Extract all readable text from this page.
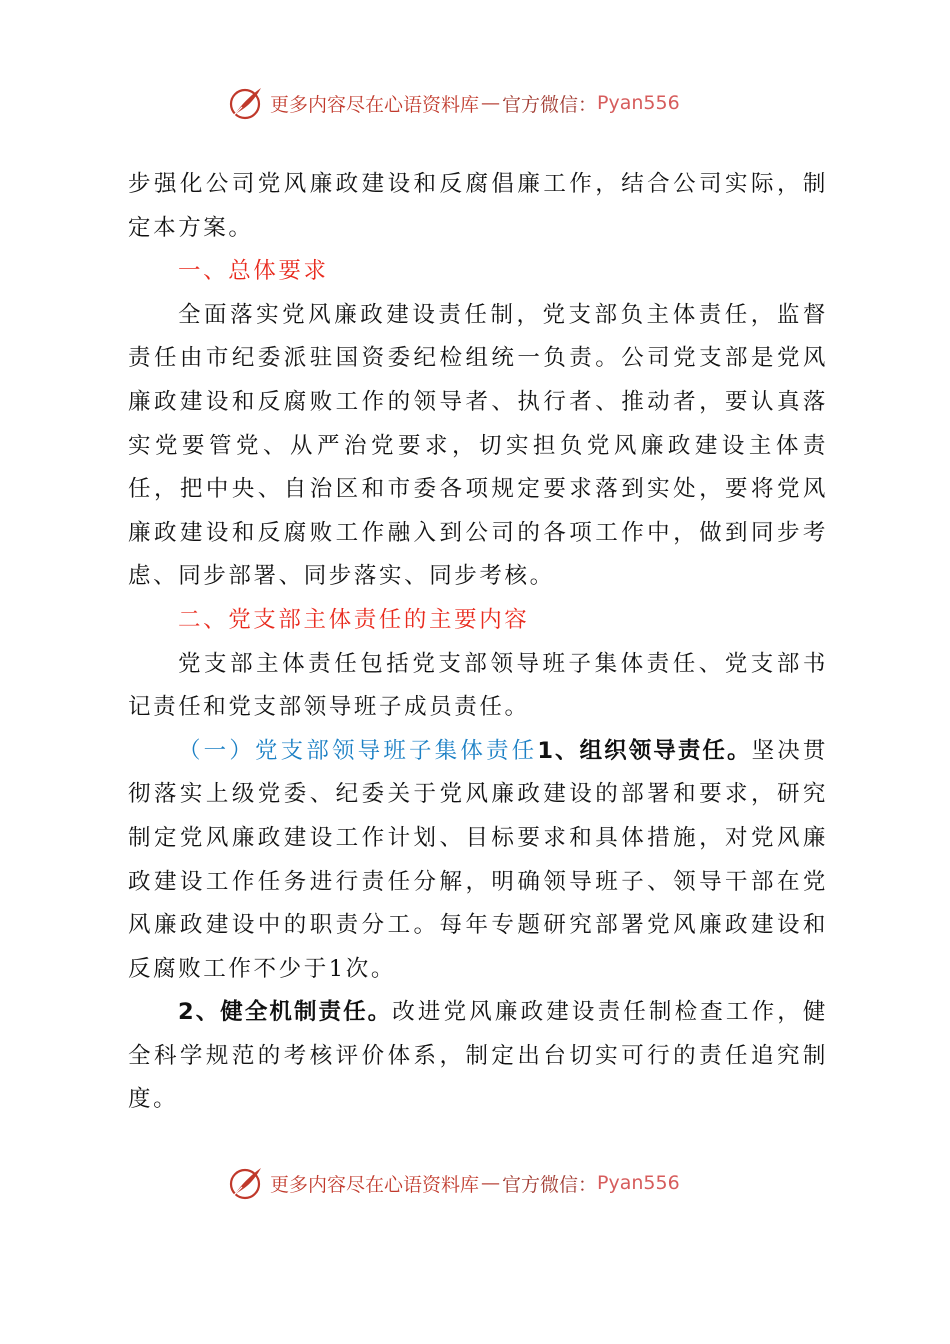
更多内容尽在心语资料库 — 官方微信： Pyan556

步强化公司党风廉政建设和反腐倡廉工作，结合公司实际，制定本方案。

一、总体要求

全面落实党风廉政建设责任制，党支部负主体责任，监督责任由市纪委派驻国资委纪检组统一负责。公司党支部是党风廉政建设和反腐败工作的领导者、执行者、推动者，要认真落实党要管党、从严治党要求，切实担负党风廉政建设主体责任，把中央、自治区和市委各项规定要求落到实处，要将党风廉政建设和反腐败工作融入到公司的各项工作中，做到同步考虑、同步部署、同步落实、同步考核。

二、党支部主体责任的主要内容

党支部主体责任包括党支部领导班子集体责任、党支部书记责任和党支部领导班子成员责任。

（一）党支部领导班子集体责任1、组织领导责任。坚决贯彻落实上级党委、纪委关于党风廉政建设的部署和要求，研究制定党风廉政建设工作计划、目标要求和具体措施，对党风廉政建设工作任务进行责任分解，明确领导班子、领导干部在党风廉政建设中的职责分工。每年专题研究部署党风廉政建设和反腐败工作不少于1次。

2、健全机制责任。改进党风廉政建设责任制检查工作，健全科学规范的考核评价体系，制定出台切实可行的责任追究制度。

更多内容尽在心语资料库 — 官方微信： Pyan556
